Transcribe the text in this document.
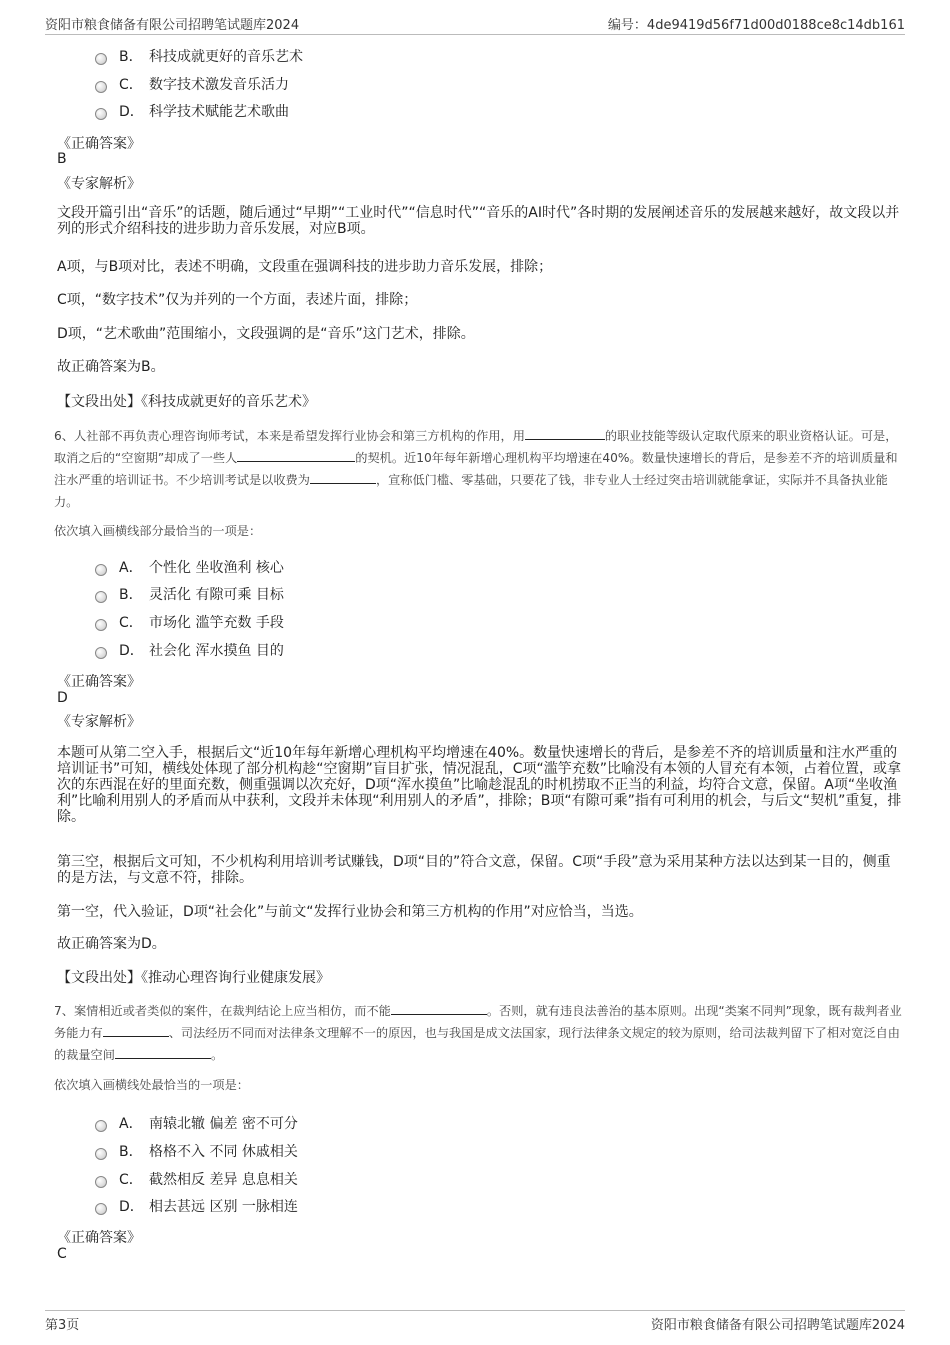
资阳市粮食储备有限公司招聘笔试题库2024	编号：4de9419d56f71d00d0188ce8c14db161
B． 科技成就更好的音乐艺术
C． 数字技术激发音乐活力
D． 科学技术赋能艺术歌曲
《正确答案》
B
《专家解析》
文段开篇引出“音乐”的话题，随后通过“早期”“工业时代”“信息时代”“音乐的AI时代”各时期的发展阐述音乐的发展越来越好，故文段以并列的形式介绍科技的进步助力音乐发展，对应B项。
A项，与B项对比，表述不明确，文段重在强调科技的进步助力音乐发展，排除；
C项，“数字技术”仅为并列的一个方面，表述片面，排除；
D项，“艺术歌曲”范围缩小，文段强调的是“音乐”这门艺术，排除。
故正确答案为B。
【文段出处】《科技成就更好的音乐艺术》
6、人社部不再负责心理咨询师考试，本来是希望发挥行业协会和第三方机构的作用，用	的职业技能等级认定取代原来的职业资格认证。可是，取消之后的“空窗期”却成了一些人	的契机。近10年每年新增心理机构平均增速在40%。数量快速增长的背后，是参差不齐的培训质量和注水严重的培训证书。不少培训考试是以收费为	，宣称低门槛、零基础，只要花了钱，非专业人士经过突击培训就能拿证，实际并不具备执业能力。
依次填入画横线部分最恰当的一项是：
A． 个性化 坐收渔利 核心
B． 灵活化 有隙可乘 目标
C． 市场化 滥竽充数 手段
D． 社会化 浑水摸鱼 目的
《正确答案》
D
《专家解析》
本题可从第二空入手，根据后文“近10年每年新增心理机构平均增速在40%。数量快速增长的背后，是参差不齐的培训质量和注水严重的培训证书”可知，横线处体现了部分机构趁“空窗期”盲目扩张，情况混乱，C项“滥竽充数”比喻没有本领的人冒充有本领，占着位置，或拿次的东西混在好的里面充数，侧重强调以次充好，D项“浑水摸鱼”比喻趁混乱的时机捞取不正当的利益，均符合文意，保留。A项“坐收渔利”比喻利用别人的矛盾而从中获利，文段并未体现“利用别人的矛盾”，排除；B项“有隙可乘”指有可利用的机会，与后文“契机”重复，排除。
第三空，根据后文可知，不少机构利用培训考试赚钱，D项“目的”符合文意，保留。C项“手段”意为采用某种方法以达到某一目的，侧重的是方法，与文意不符，排除。
第一空，代入验证，D项“社会化”与前文“发挥行业协会和第三方机构的作用”对应恰当，当选。
故正确答案为D。
【文段出处】《推动心理咨询行业健康发展》
7、案情相近或者类似的案件，在裁判结论上应当相仿，而不能	。否则，就有违良法善治的基本原则。出现“类案不同判”现象，既有裁判者业务能力有	、司法经历不同而对法律条文理解不一的原因，也与我国是成文法国家，现行法律条文规定的较为原则，给司法裁判留下了相对宽泛自由的裁量空间	。
依次填入画横线处最恰当的一项是：
A． 南辕北辙 偏差 密不可分
B． 格格不入 不同 休戚相关
C． 截然相反 差异 息息相关
D． 相去甚远 区别 一脉相连
《正确答案》
C
第3页	资阳市粮食储备有限公司招聘笔试题库2024
